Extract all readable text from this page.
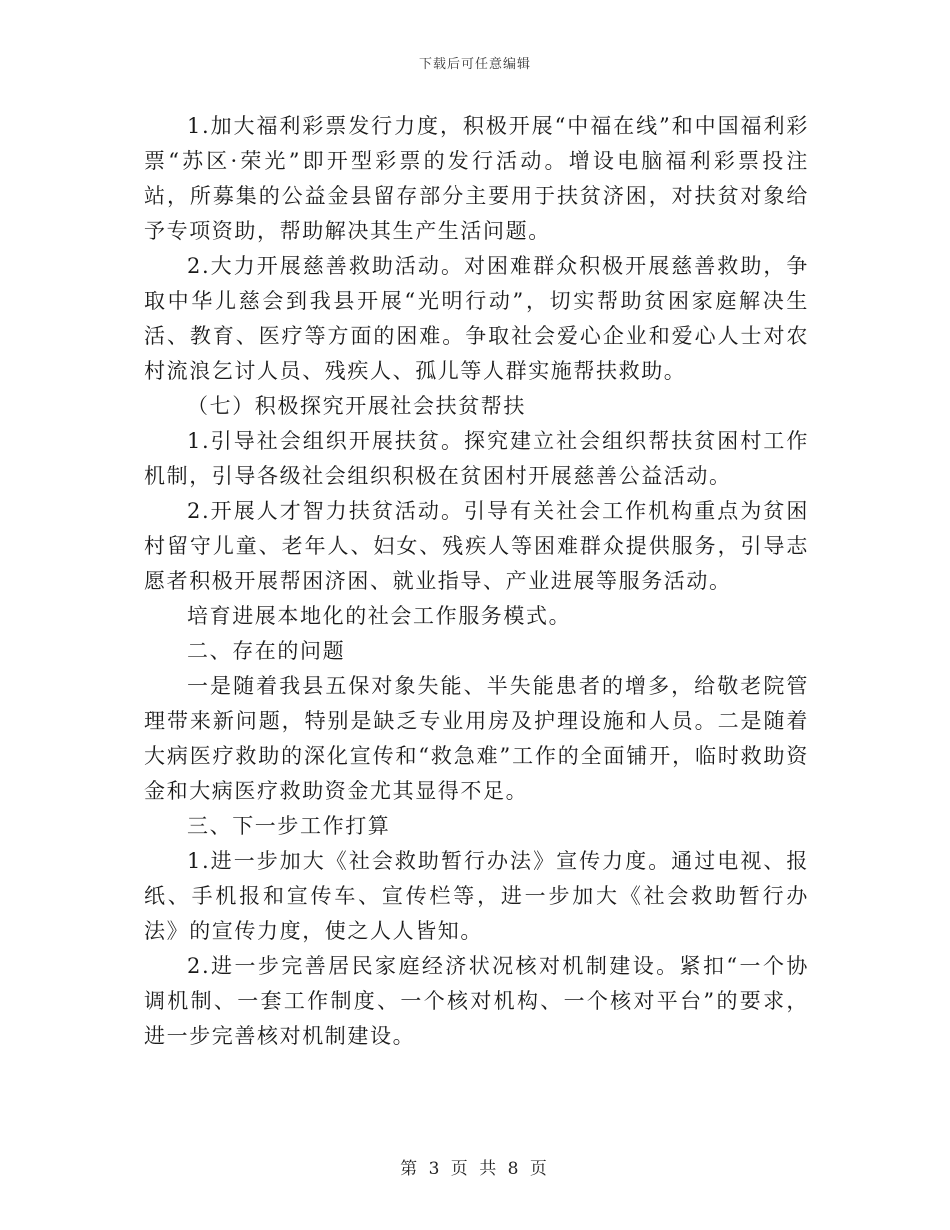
下载后可任意编辑

1.加大福利彩票发行力度，积极开展“中福在线”和中国福利彩票“苏区·荣光”即开型彩票的发行活动。增设电脑福利彩票投注站，所募集的公益金县留存部分主要用于扶贫济困，对扶贫对象给予专项资助，帮助解决其生产生活问题。

2.大力开展慈善救助活动。对困难群众积极开展慈善救助，争取中华儿慈会到我县开展“光明行动”，切实帮助贫困家庭解决生活、教育、医疗等方面的困难。争取社会爱心企业和爱心人士对农村流浪乞讨人员、残疾人、孤儿等人群实施帮扶救助。

（七）积极探究开展社会扶贫帮扶

1.引导社会组织开展扶贫。探究建立社会组织帮扶贫困村工作机制，引导各级社会组织积极在贫困村开展慈善公益活动。

2.开展人才智力扶贫活动。引导有关社会工作机构重点为贫困村留守儿童、老年人、妇女、残疾人等困难群众提供服务，引导志愿者积极开展帮困济困、就业指导、产业进展等服务活动。

培育进展本地化的社会工作服务模式。

二、存在的问题

一是随着我县五保对象失能、半失能患者的增多，给敬老院管理带来新问题，特别是缺乏专业用房及护理设施和人员。二是随着大病医疗救助的深化宣传和“救急难”工作的全面铺开，临时救助资金和大病医疗救助资金尤其显得不足。

三、下一步工作打算

1.进一步加大《社会救助暂行办法》宣传力度。通过电视、报纸、手机报和宣传车、宣传栏等，进一步加大《社会救助暂行办法》的宣传力度，使之人人皆知。

2.进一步完善居民家庭经济状况核对机制建设。紧扣“一个协调机制、一套工作制度、一个核对机构、一个核对平台”的要求，进一步完善核对机制建设。

第 3 页 共 8 页
